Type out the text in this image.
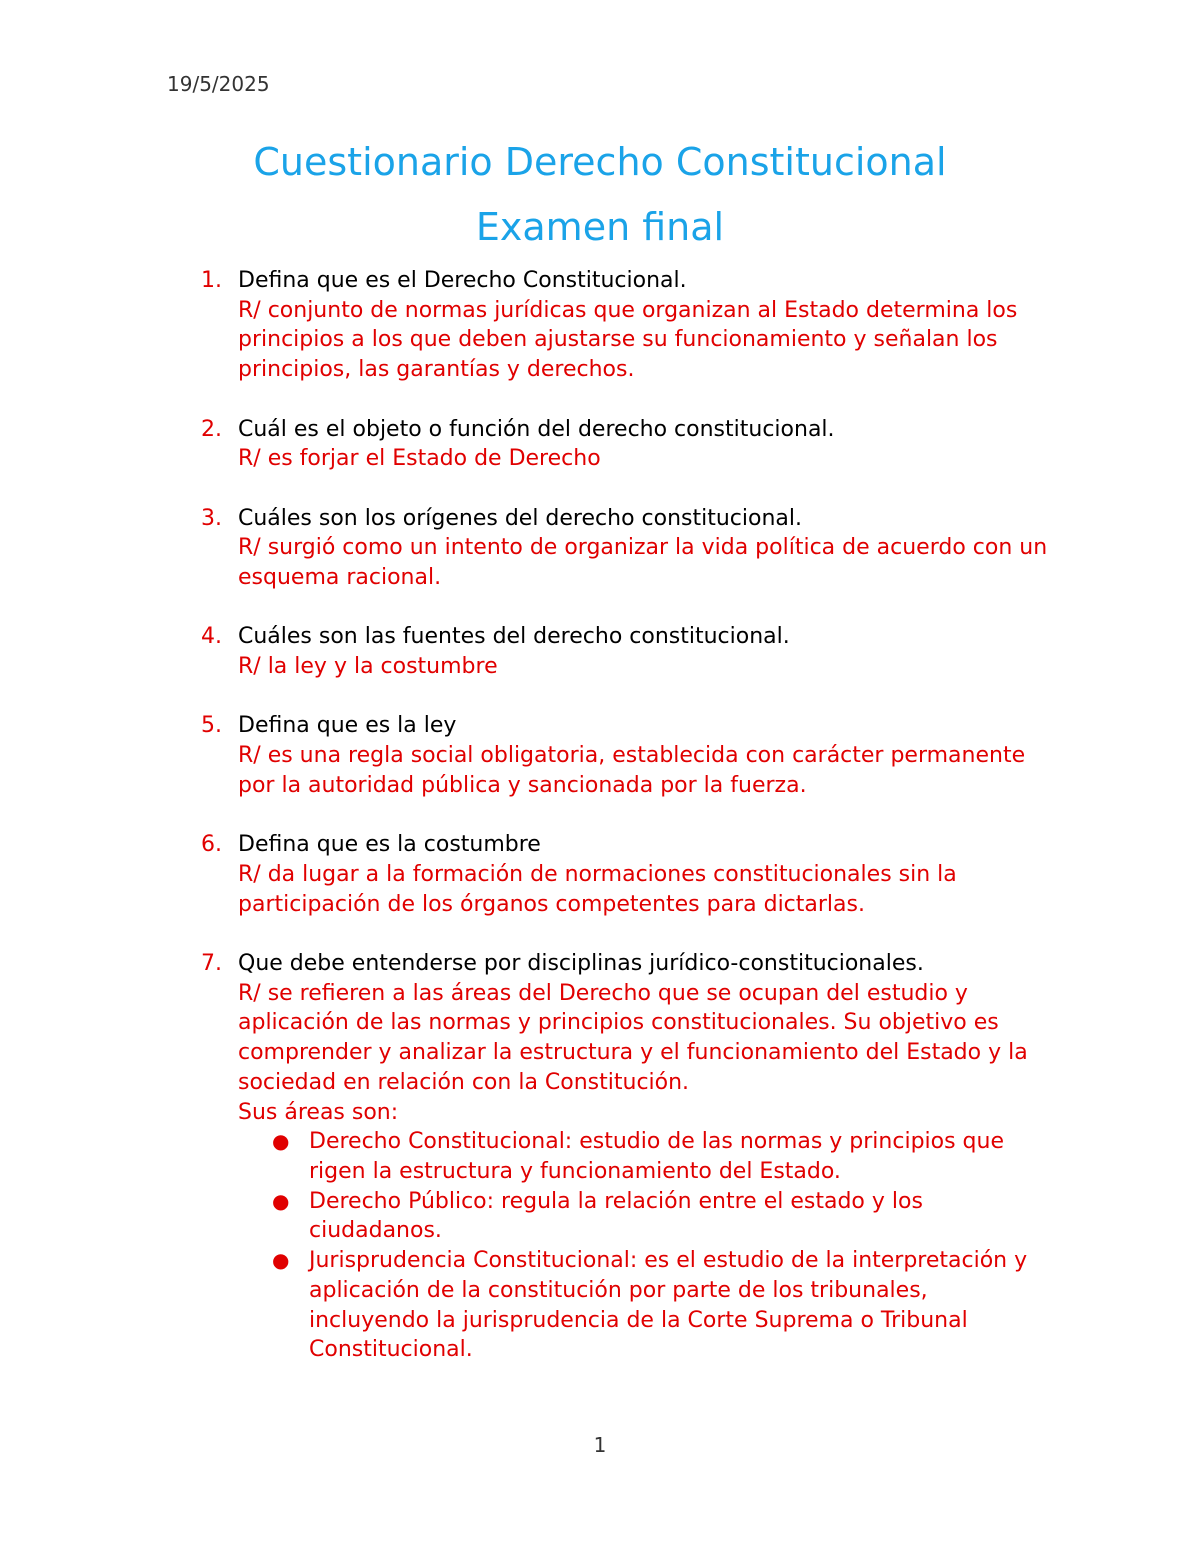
19/5/2025
Cuestionario Derecho Constitucional
Examen final
1. Defina que es el Derecho Constitucional.
R/ conjunto de normas jurídicas que organizan al Estado determina los principios a los que deben ajustarse su funcionamiento y señalan los principios, las garantías y derechos.
2. Cuál es el objeto o función del derecho constitucional.
R/ es forjar el Estado de Derecho
3. Cuáles son los orígenes del derecho constitucional.
R/ surgió como un intento de organizar la vida política de acuerdo con un esquema racional.
4. Cuáles son las fuentes del derecho constitucional.
R/ la ley y la costumbre
5. Defina que es la ley
R/ es una regla social obligatoria, establecida con carácter permanente por la autoridad pública y sancionada por la fuerza.
6. Defina que es la costumbre
R/ da lugar a la formación de normaciones constitucionales sin la participación de los órganos competentes para dictarlas.
7. Que debe entenderse por disciplinas jurídico-constitucionales.
R/ se refieren a las áreas del Derecho que se ocupan del estudio y aplicación de las normas y principios constitucionales. Su objetivo es comprender y analizar la estructura y el funcionamiento del Estado y la sociedad en relación con la Constitución.
Sus áreas son:
● Derecho Constitucional: estudio de las normas y principios que rigen la estructura y funcionamiento del Estado.
● Derecho Público: regula la relación entre el estado y los ciudadanos.
● Jurisprudencia Constitucional: es el estudio de la interpretación y aplicación de la constitución por parte de los tribunales, incluyendo la jurisprudencia de la Corte Suprema o Tribunal Constitucional.
1
